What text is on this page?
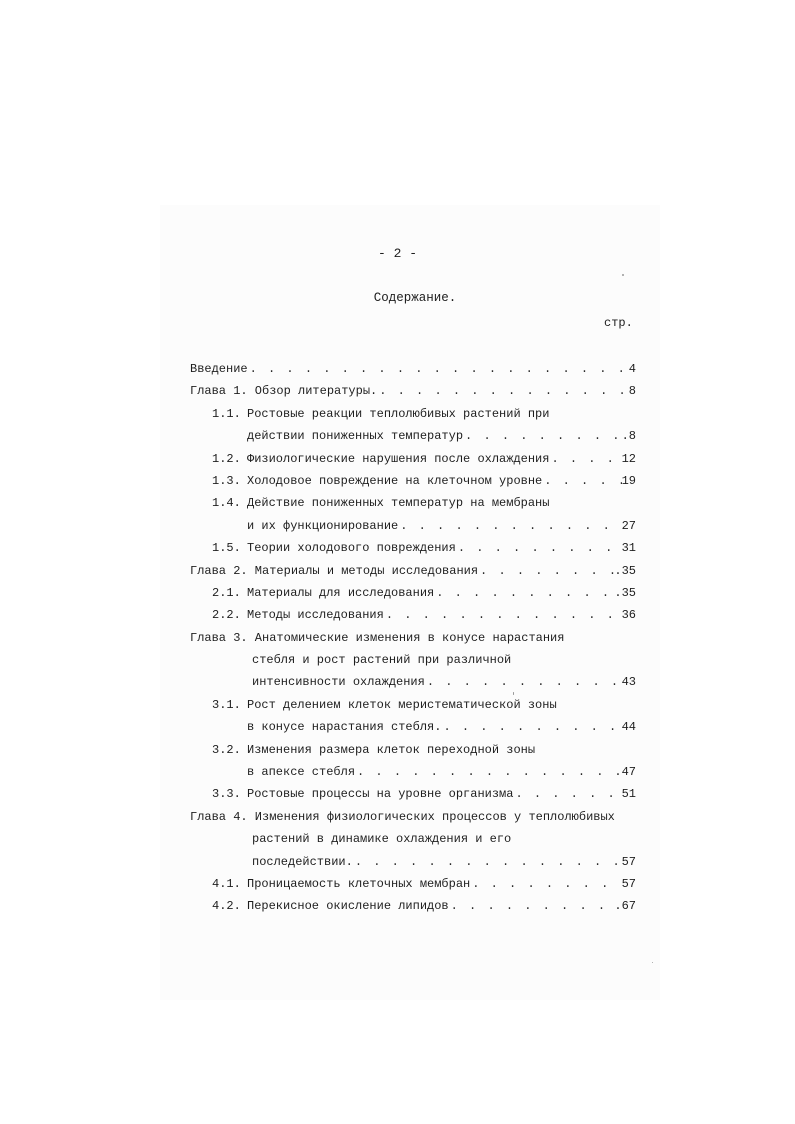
- 2 -
Содержание.
стр.
Введение . . .	4
Глава 1. Обзор литературы. . . .	8
1.1. Ростовые реакции теплолюбивых растений при
действии пониженных температур . . .	.8
1.2. Физиологические нарушения после охлаждения . . .	12
1.3. Холодовое повреждение на клеточном уровне . . .	19
1.4. Действие пониженных температур на мембраны
и их функционирование . . .	27
1.5. Теории холодового повреждения . . .	31
Глава 2. Материалы и методы исследования . . .	.35
2.1. Материалы для исследования . . .	.35
2.2. Методы исследования . . .	36
Глава 3. Анатомические изменения в конусе нарастания
стебля и рост растений при различной
интенсивности охлаждения . . .	43
3.1. Рост делением клеток меристематической зоны
в конусе нарастания стебля. . . .	44
3.2. Изменения размера клеток переходной зоны
в апексе стебля . . .	.47
3.3. Ростовые процессы на уровне организма . . .	51
Глава 4. Изменения физиологических процессов у теплолюбивых
растений в динамике охлаждения и его
последействии. . . .	57
4.1. Проницаемость клеточных мембран . . .	57
4.2. Перекисное окисление липидов . . .	.67
